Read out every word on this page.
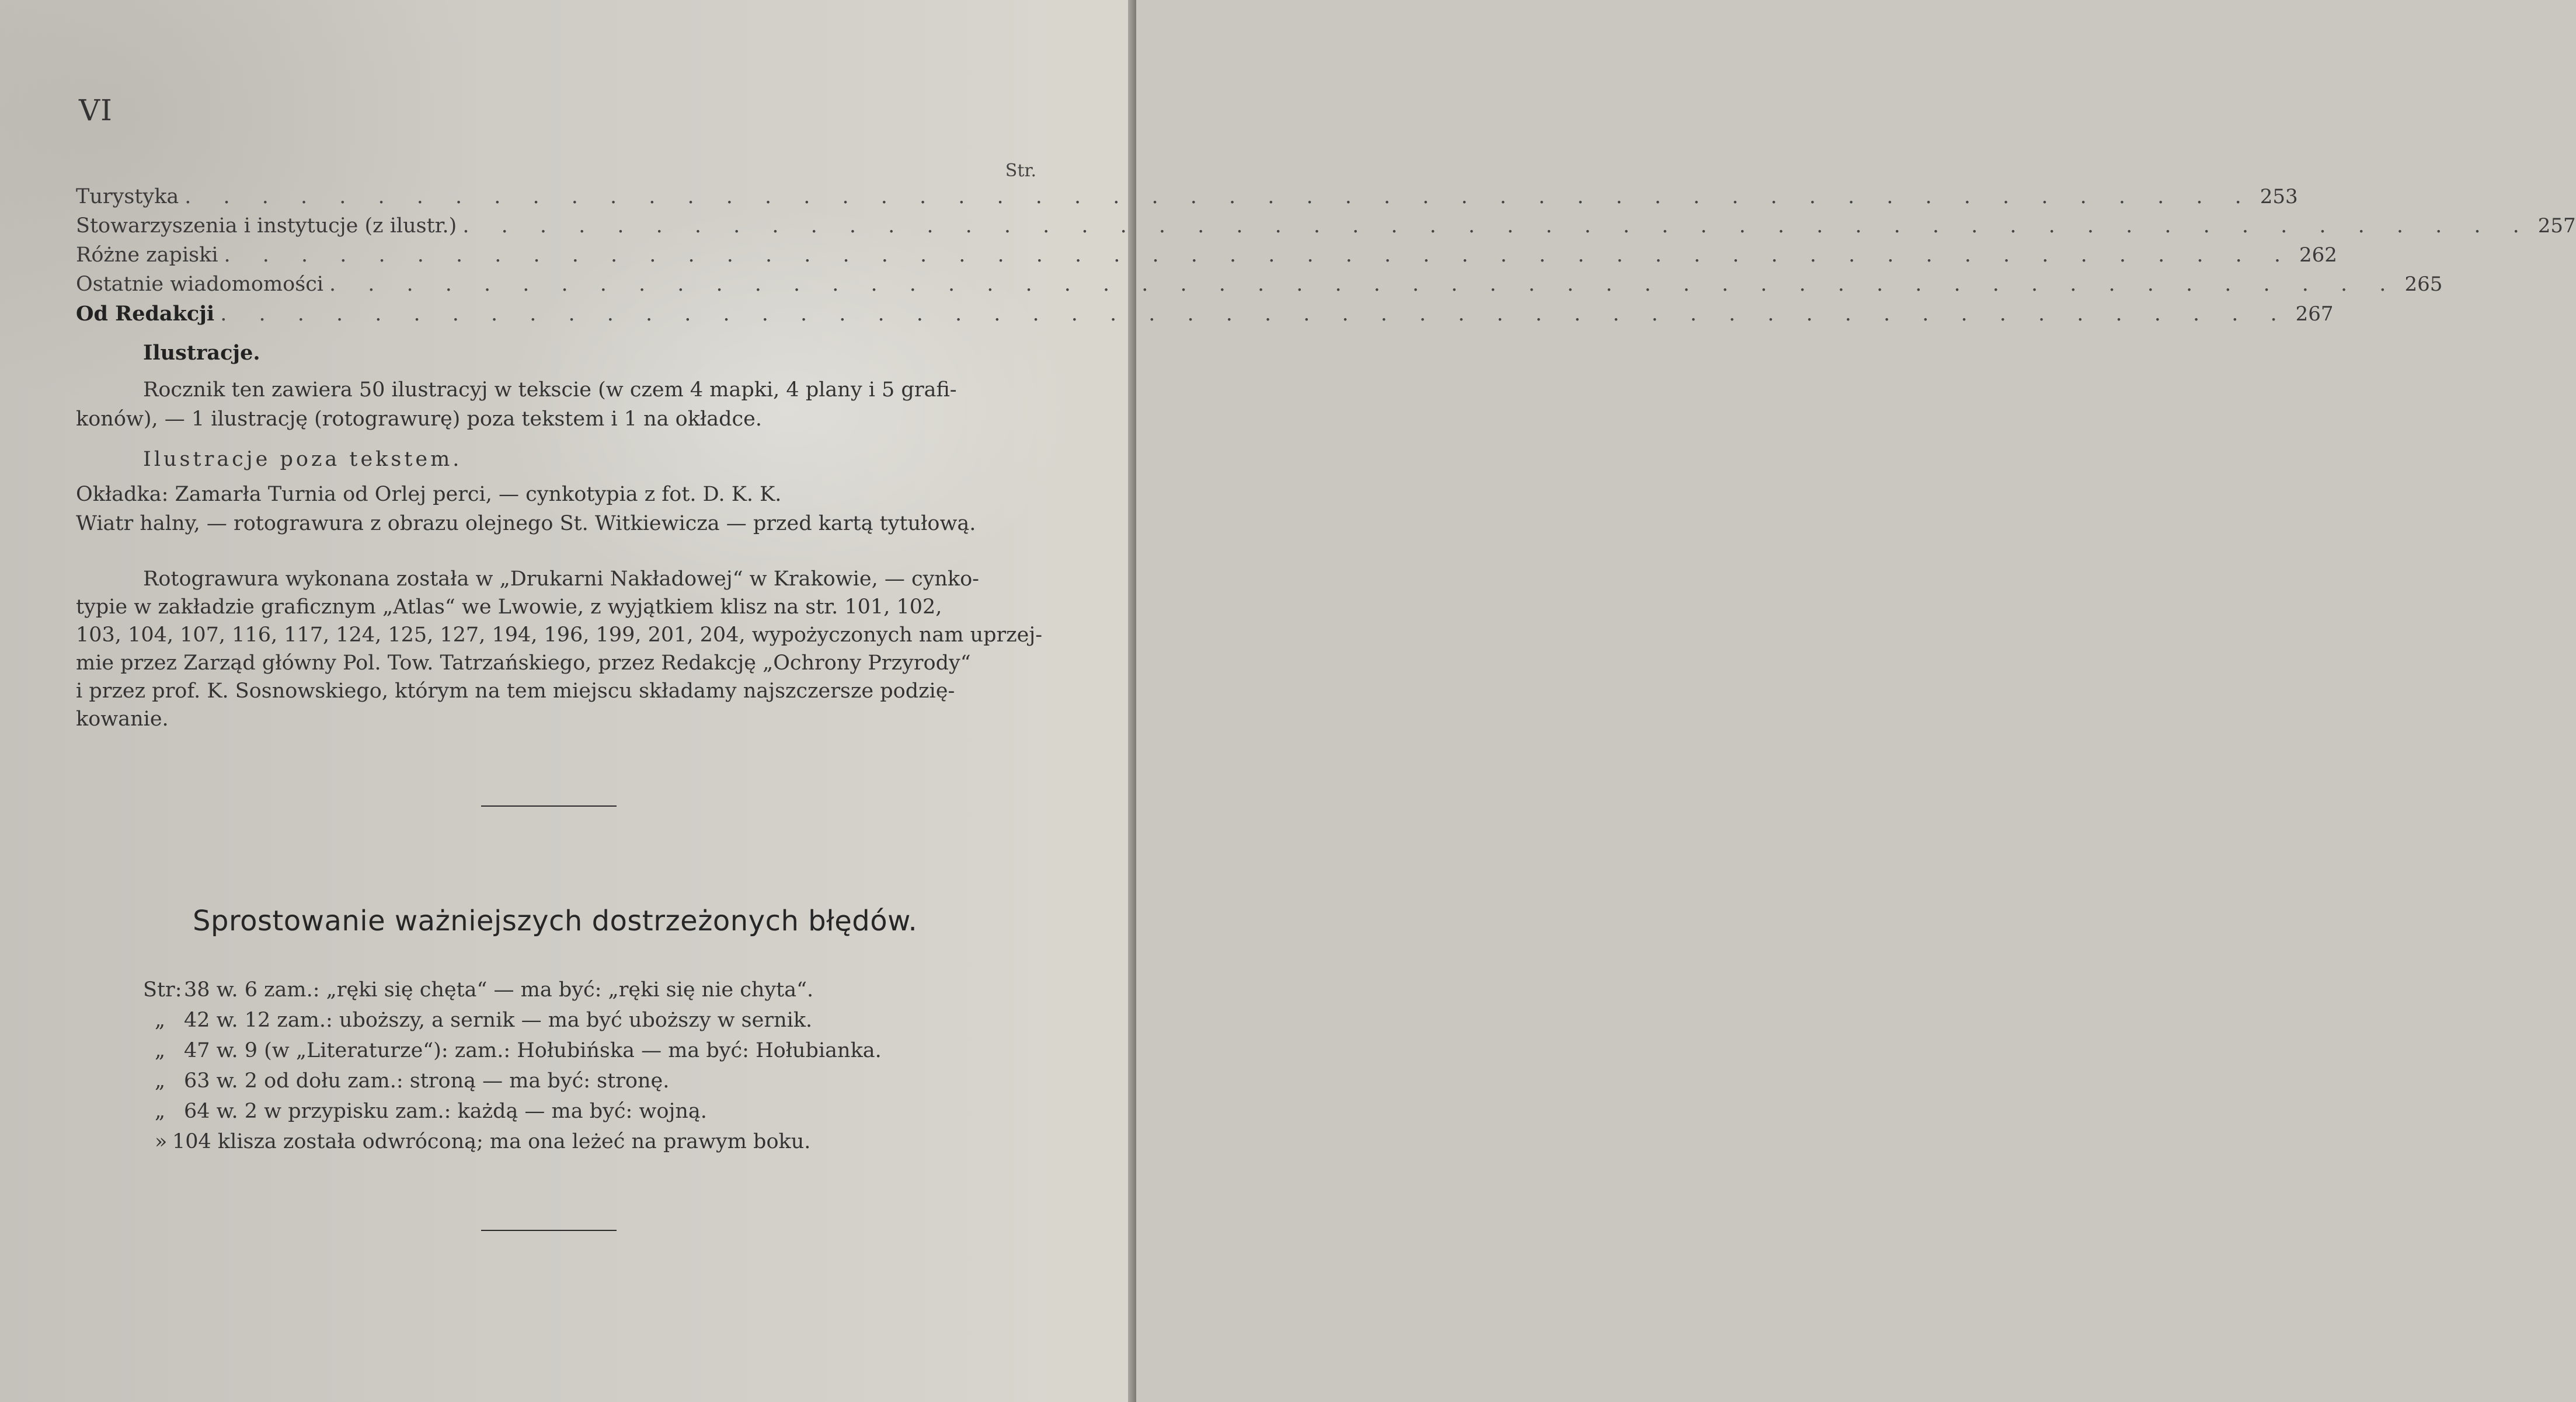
VI
Str.
Turystyka . . . . . . . . . . . . . . . . . . . . . . . . . . . . . . . . . . . . . . . . . . . . . . . . . . . . . . 253
Stowarzyszenia i instytucje (z ilustr.) . . . . . . . . . . . . . . . . . . . . . . . . . . . . . . . . . . . . . . . . . . . . . . . . . . . . . . 257
Różne zapiski . . . . . . . . . . . . . . . . . . . . . . . . . . . . . . . . . . . . . . . . . . . . . . . . . . . . . . 262
Ostatnie wiadomomości . . . . . . . . . . . . . . . . . . . . . . . . . . . . . . . . . . . . . . . . . . . . . . . . . . . . . . 265
Od Redakcji . . . . . . . . . . . . . . . . . . . . . . . . . . . . . . . . . . . . . . . . . . . . . . . . . . . . . . 267
Ilustracje.
Rocznik ten zawiera 50 ilustracyj w tekscie (w czem 4 mapki, 4 plany i 5 grafi-
konów), — 1 ilustrację (rotograwurę) poza tekstem i 1 na okładce.
Ilustracje poza tekstem.
Okładka: Zamarła Turnia od Orlej perci, — cynkotypia z fot. D. K. K.
Wiatr halny, — rotograwura z obrazu olejnego St. Witkiewicza — przed kartą tytułową.
Rotograwura wykonana została w „Drukarni Nakładowej“ w Krakowie, — cynko-
typie w zakładzie graficznym „Atlas“ we Lwowie, z wyjątkiem klisz na str. 101, 102,
103, 104, 107, 116, 117, 124, 125, 127, 194, 196, 199, 201, 204, wypożyczonych nam uprzej-
mie przez Zarząd główny Pol. Tow. Tatrzańskiego, przez Redakcję „Ochrony Przyrody“
i przez prof. K. Sosnowskiego, którym na tem miejscu składamy najszczersze podzię-
kowanie.
Sprostowanie ważniejszych dostrzeżonych błędów.
Str: 38 w. 6 zam.: „ręki się chęta“ — ma być: „ręki się nie chyta“.
„ 42 w. 12 zam.: uboższy, a sernik — ma być uboższy w sernik.
„ 47 w. 9 (w „Literaturze“): zam.: Hołubińska — ma być: Hołubianka.
„ 63 w. 2 od dołu zam.: stroną — ma być: stronę.
„ 64 w. 2 w przypisku zam.: każdą — ma być: wojną.
» 104 klisza została odwróconą; ma ona leżeć na prawym boku.
